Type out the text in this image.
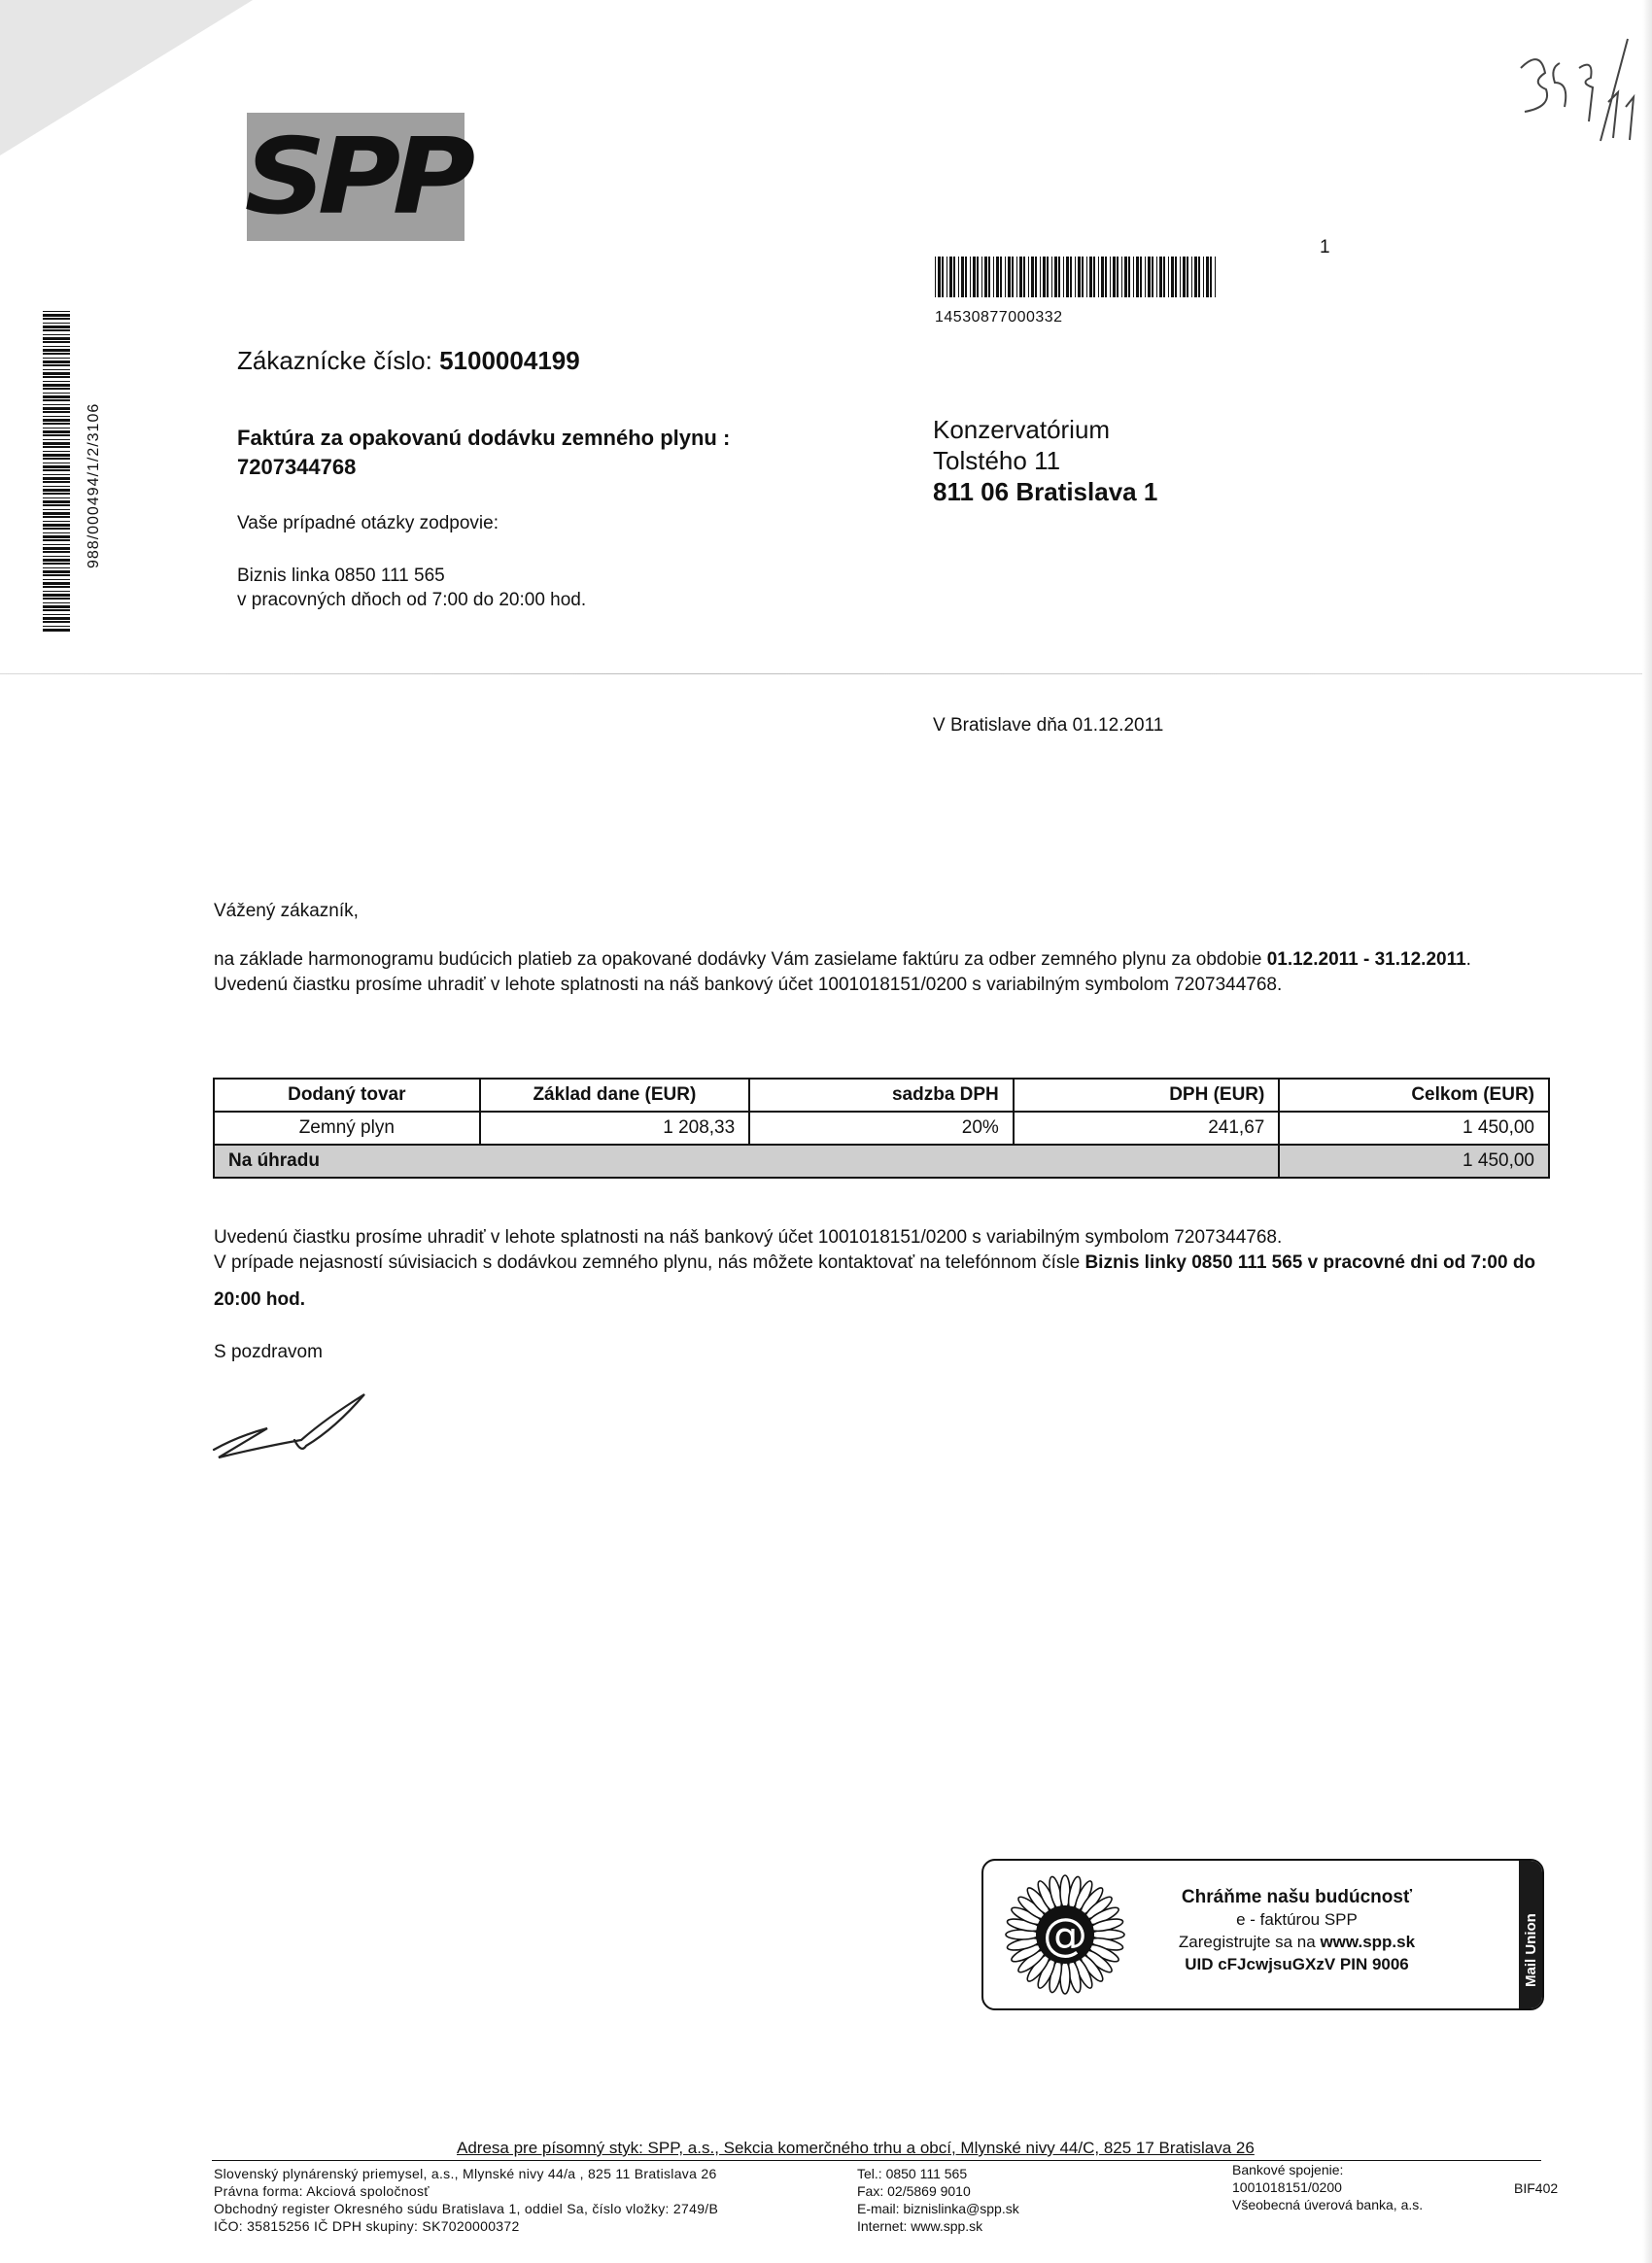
SPP
1
14530877000332
988/000494/1/2/3106
Zákaznícke číslo: 5100004199
Faktúra za opakovanú dodávku zemného plynu :
7207344768
Vaše prípadné otázky zodpovie:
Biznis linka 0850 111 565
v pracovných dňoch od 7:00 do 20:00 hod.
Konzervatórium
Tolstého 11
811 06 Bratislava 1
V Bratislave dňa 01.12.2011
Vážený zákazník,
na základe harmonogramu budúcich platieb za opakované dodávky Vám zasielame faktúru za odber zemného plynu za obdobie 01.12.2011 - 31.12.2011.
Uvedenú čiastku prosíme uhradiť v lehote splatnosti na náš bankový účet 1001018151/0200 s variabilným symbolom 7207344768.
Dodaný tovar	Základ dane (EUR)	sadzba DPH	DPH (EUR)	Celkom (EUR)
Zemný plyn	1 208,33	20%	241,67	1 450,00
Na úhradu				1 450,00
Uvedenú čiastku prosíme uhradiť v lehote splatnosti na náš bankový účet 1001018151/0200 s variabilným symbolom 7207344768.
V prípade nejasností súvisiacich s dodávkou zemného plynu, nás môžete kontaktovať na telefónnom čísle Biznis linky 0850 111 565 v pracovné dni od 7:00 do 20:00 hod.
S pozdravom
@
Chráňme našu budúcnosť
e - faktúrou SPP
Zaregistrujte sa na www.spp.sk
UID cFJcwjsuGXzV PIN 9006	Mail Union
Adresa pre písomný styk: SPP, a.s., Sekcia komerčného trhu a obcí, Mlynské nivy 44/C, 825 17 Bratislava 26
Slovenský plynárenský priemysel, a.s., Mlynské nivy 44/a , 825 11 Bratislava 26
Právna forma: Akciová spoločnosť
Obchodný register Okresného súdu Bratislava 1, oddiel Sa, číslo vložky: 2749/B
IČO: 35815256 IČ DPH skupiny: SK7020000372
Tel.: 0850 111 565
Fax: 02/5869 9010
E-mail: biznislinka@spp.sk
Internet: www.spp.sk
Bankové spojenie:
1001018151/0200
Všeobecná úverová banka, a.s.
BIF402
